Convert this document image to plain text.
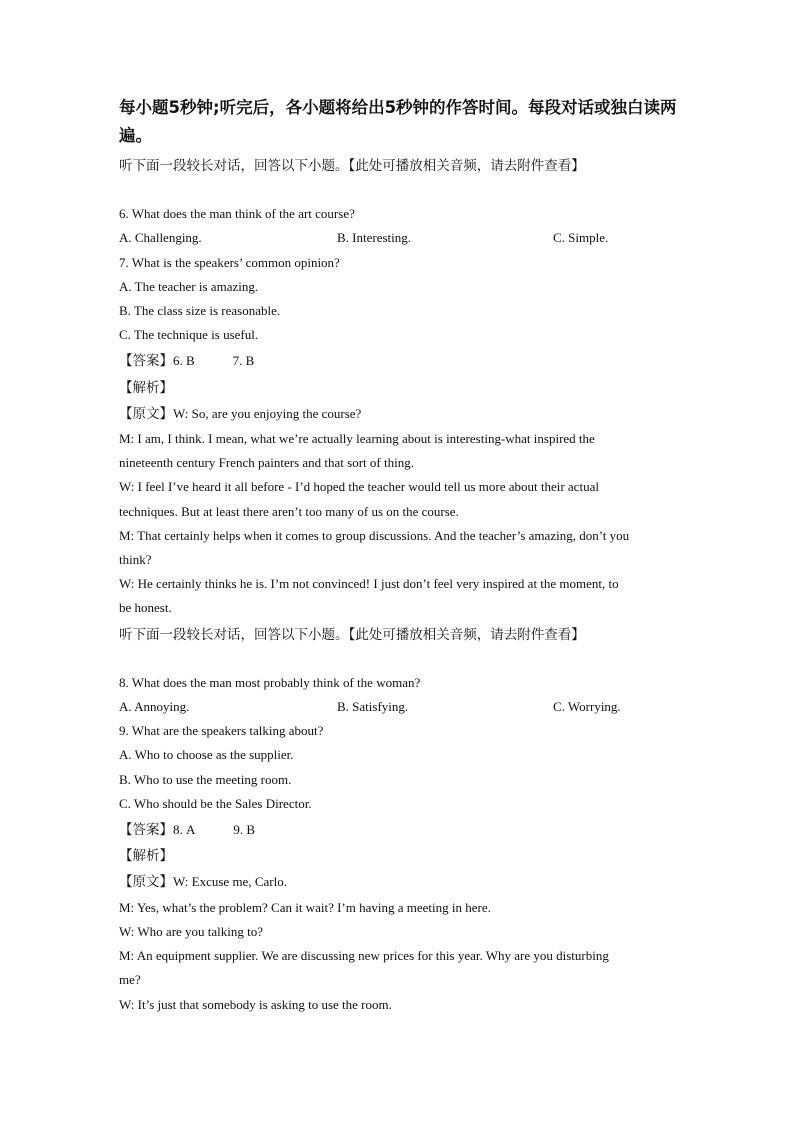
每小题5秒钟;听完后，各小题将给出5秒钟的作答时间。每段对话或独白读两
遍。
听下面一段较长对话，回答以下小题。【此处可播放相关音频，请去附件查看】
6. What does the man think of the art course?
A. Challenging.	B. Interesting.	C. Simple.
7. What is the speakers’ common opinion?
A. The teacher is amazing.
B. The class size is reasonable.
C. The technique is useful.
【答案】6. B	7. B
【解析】
【原文】W: So, are you enjoying the course?
M: I am, I think. I mean, what we’re actually learning about is interesting-what inspired the
nineteenth century French painters and that sort of thing.
W: I feel I’ve heard it all before - I’d hoped the teacher would tell us more about their actual
techniques. But at least there aren’t too many of us on the course.
M: That certainly helps when it comes to group discussions. And the teacher’s amazing, don’t you
think?
W: He certainly thinks he is. I’m not convinced! I just don’t feel very inspired at the moment, to
be honest.
听下面一段较长对话，回答以下小题。【此处可播放相关音频，请去附件查看】
8. What does the man most probably think of the woman?
A. Annoying.	B. Satisfying.	C. Worrying.
9. What are the speakers talking about?
A. Who to choose as the supplier.
B. Who to use the meeting room.
C. Who should be the Sales Director.
【答案】8. A	9. B
【解析】
【原文】W: Excuse me, Carlo.
M: Yes, what’s the problem? Can it wait? I’m having a meeting in here.
W: Who are you talking to?
M: An equipment supplier. We are discussing new prices for this year. Why are you disturbing
me?
W: It’s just that somebody is asking to use the room.
